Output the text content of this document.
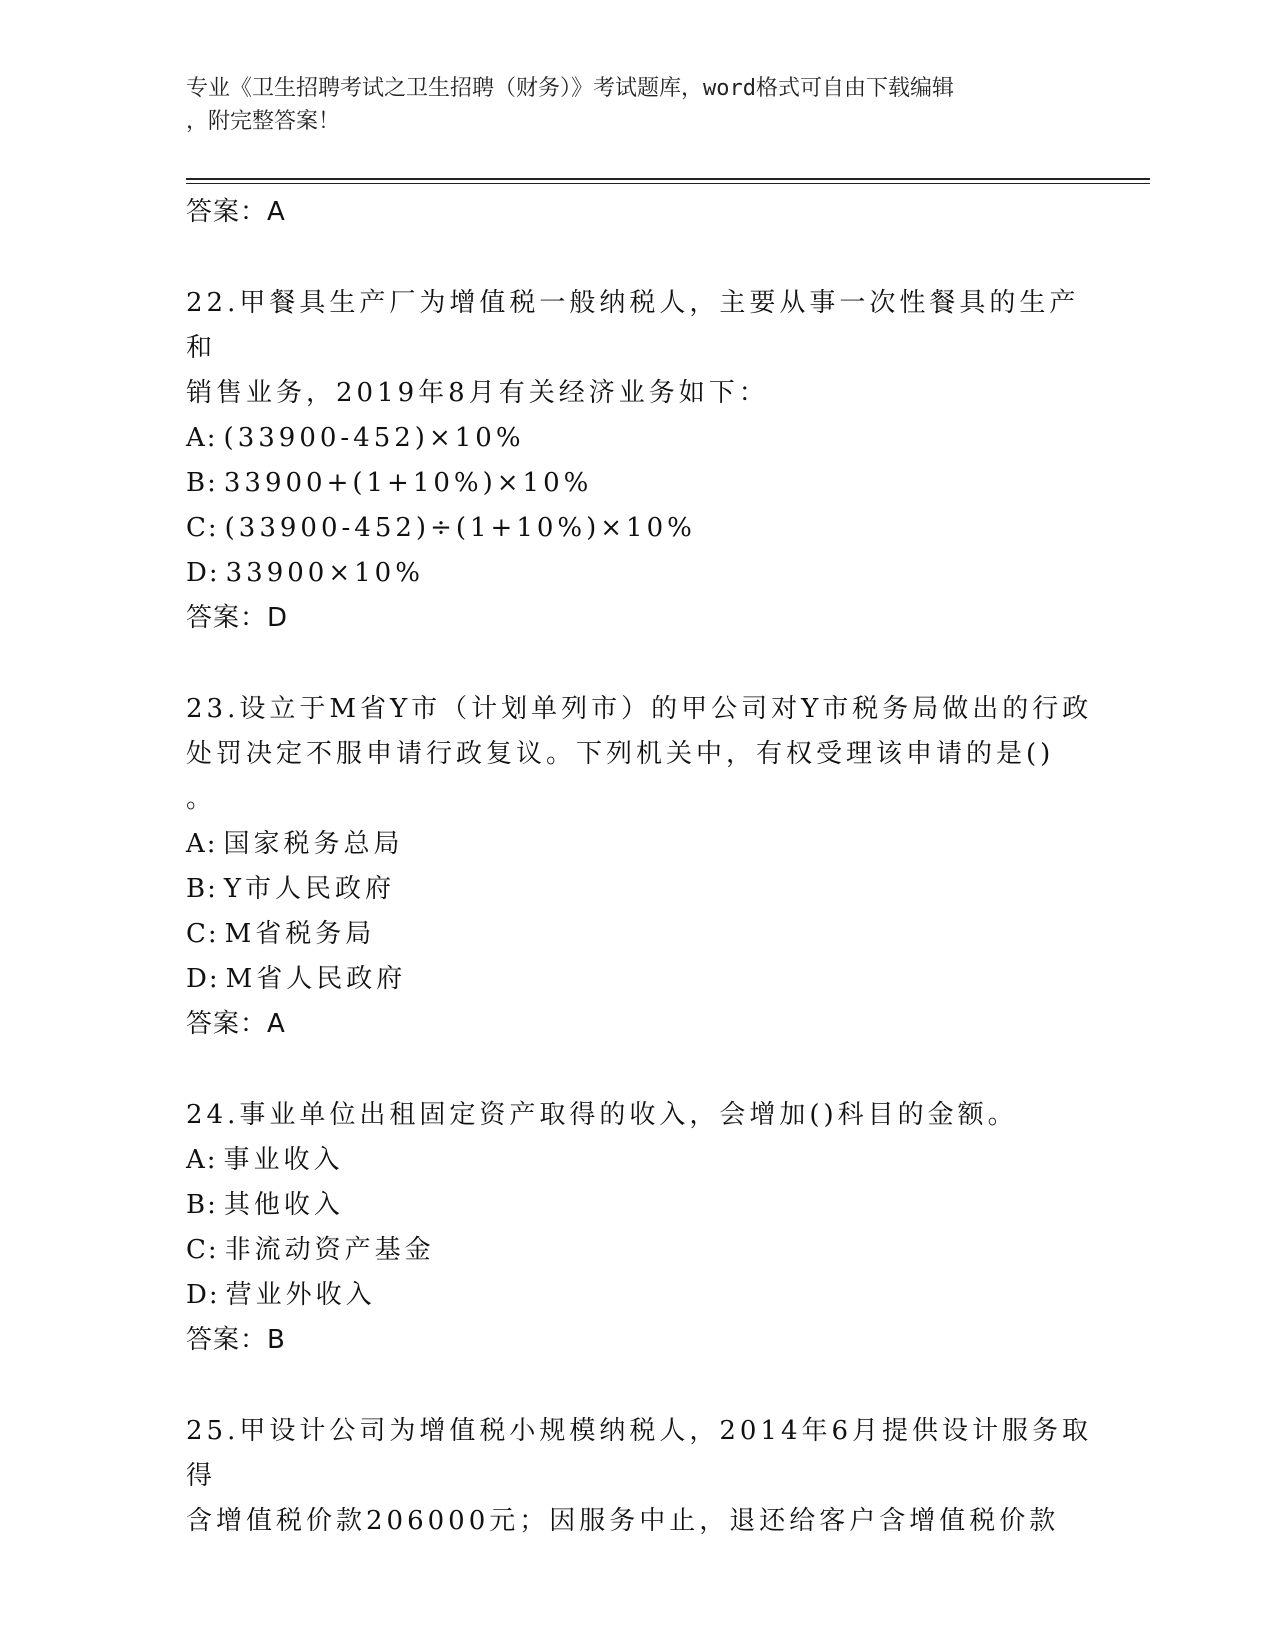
专业《卫生招聘考试之卫生招聘（财务）》考试题库，word格式可自由下载编辑
，附完整答案！

答案：A

22.甲餐具生产厂为增值税一般纳税人，主要从事一次性餐具的生产和

销售业务，2019年8月有关经济业务如下：

A: (33900-452)×10%

B: 33900+(1+10%)×10%

C: (33900-452)÷(1+10%)×10%

D: 33900×10%

答案：D

23.设立于M省Y市（计划单列市）的甲公司对Y市税务局做出的行政

处罚决定不服申请行政复议。下列机关中，有权受理该申请的是()

。

A: 国家税务总局

B: Y市人民政府

C: M省税务局

D: M省人民政府

答案：A

24.事业单位出租固定资产取得的收入，会增加()科目的金额。

A: 事业收入

B: 其他收入

C: 非流动资产基金

D: 营业外收入

答案：B

25.甲设计公司为增值税小规模纳税人，2014年6月提供设计服务取得

含增值税价款206000元；因服务中止，退还给客户含增值税价款
